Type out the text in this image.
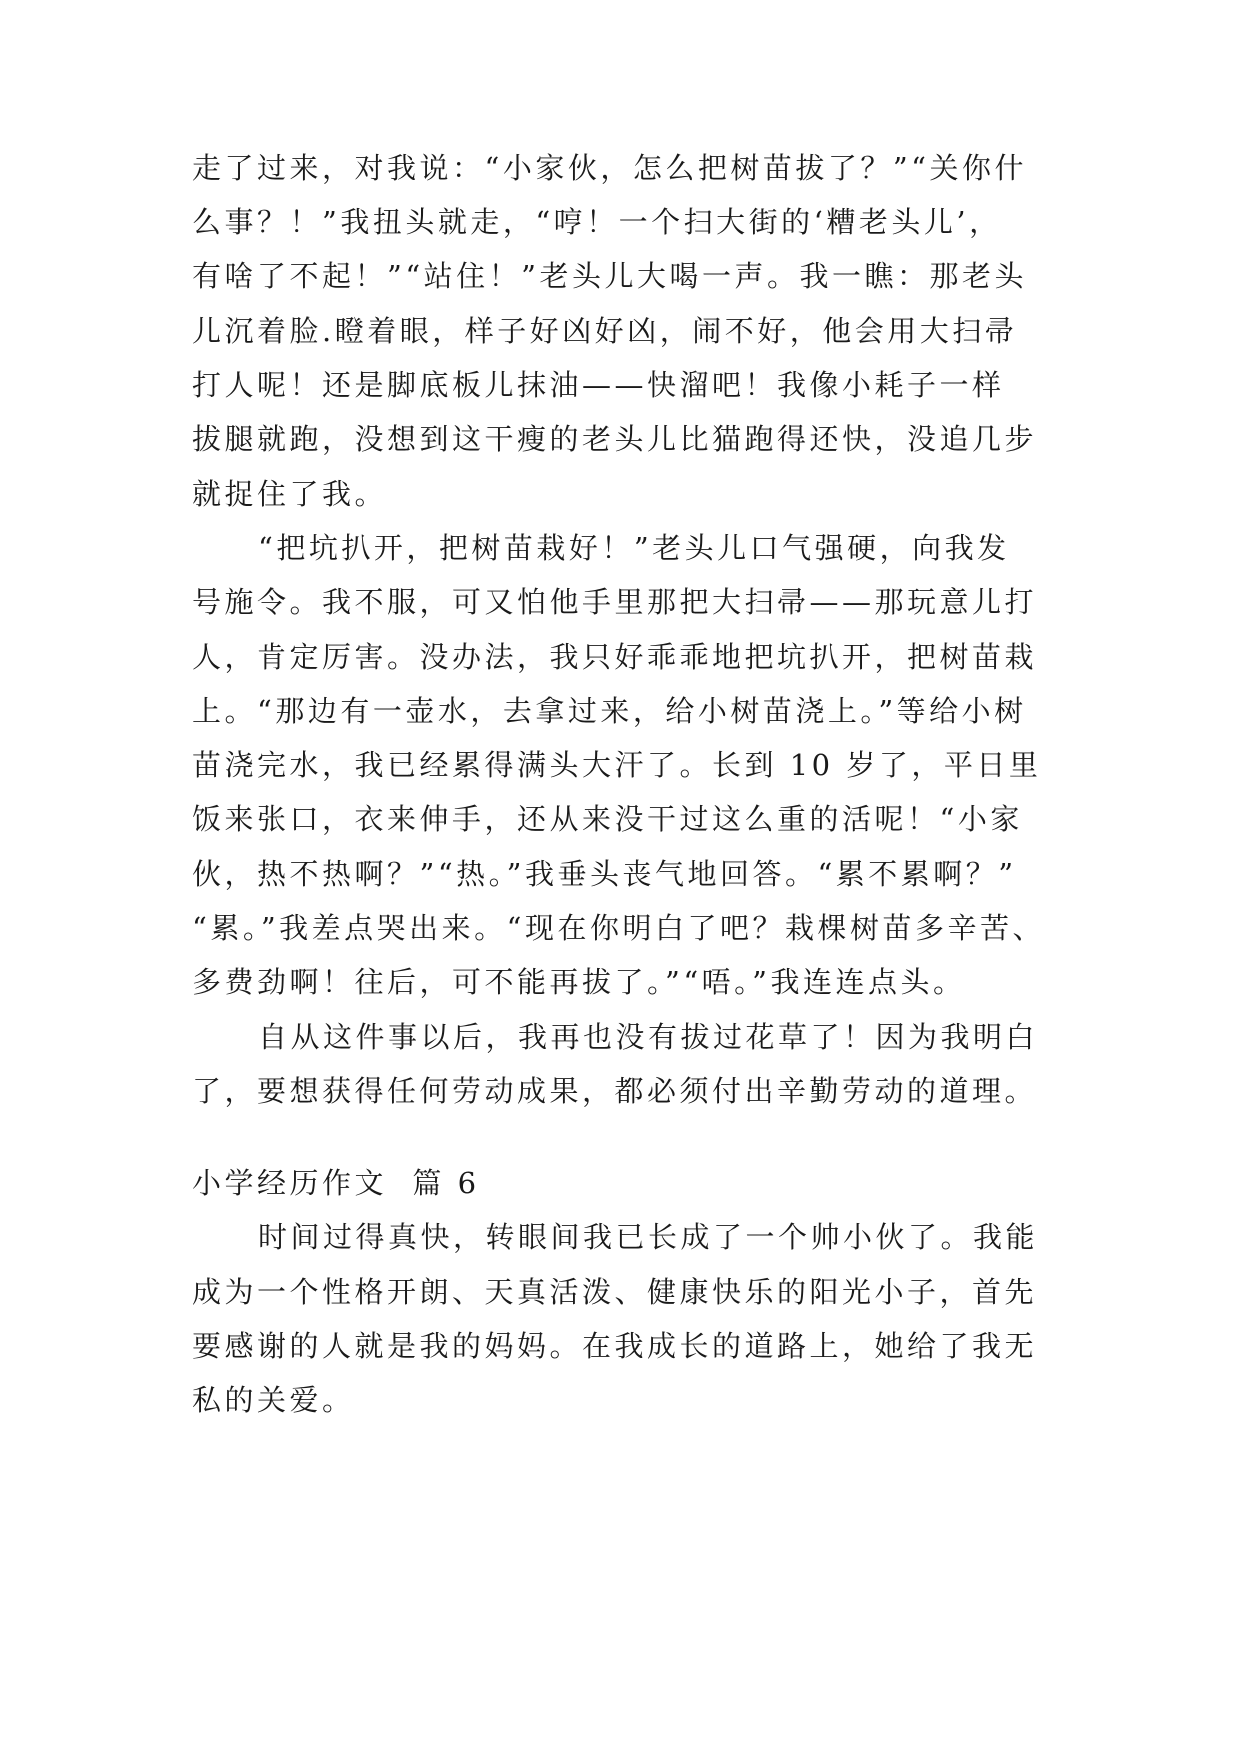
走了过来，对我说：“小家伙，怎么把树苗拔了？”“关你什
么事？！”我扭头就走，“哼！一个扫大街的‘糟老头儿’，
有啥了不起！”“站住！”老头儿大喝一声。我一瞧：那老头
儿沉着脸.瞪着眼，样子好凶好凶，闹不好，他会用大扫帚
打人呢！还是脚底板儿抹油——快溜吧！我像小耗子一样
拔腿就跑，没想到这干瘦的老头儿比猫跑得还快，没追几步
就捉住了我。
“把坑扒开，把树苗栽好！”老头儿口气强硬，向我发
号施令。我不服，可又怕他手里那把大扫帚——那玩意儿打
人，肯定厉害。没办法，我只好乖乖地把坑扒开，把树苗栽
上。“那边有一壶水，去拿过来，给小树苗浇上。”等给小树
苗浇完水，我已经累得满头大汗了。长到 10 岁了，平日里
饭来张口，衣来伸手，还从来没干过这么重的活呢！“小家
伙，热不热啊？”“热。”我垂头丧气地回答。“累不累啊？”
“累。”我差点哭出来。“现在你明白了吧？栽棵树苗多辛苦、
多费劲啊！往后，可不能再拔了。”“唔。”我连连点头。
自从这件事以后，我再也没有拔过花草了！因为我明白
了，要想获得任何劳动成果，都必须付出辛勤劳动的道理。
小学经历作文  篇 6
时间过得真快，转眼间我已长成了一个帅小伙了。我能
成为一个性格开朗、天真活泼、健康快乐的阳光小子，首先
要感谢的人就是我的妈妈。在我成长的道路上，她给了我无
私的关爱。
